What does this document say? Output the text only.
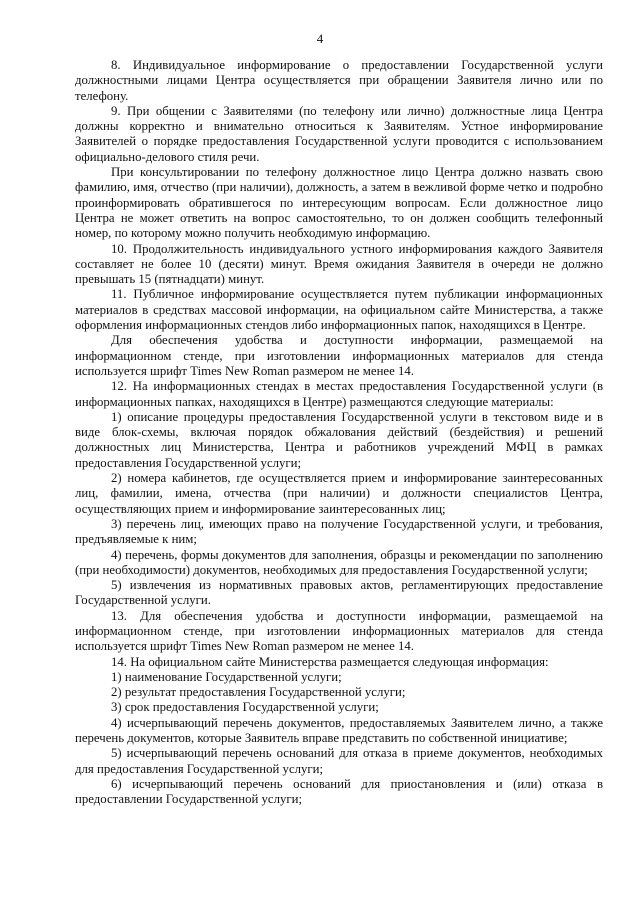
4

8. Индивидуальное информирование о предоставлении Государственной услуги должностными лицами Центра осуществляется при обращении Заявителя лично или по телефону.

9. При общении с Заявителями (по телефону или лично) должностные лица Центра должны корректно и внимательно относиться к Заявителям. Устное информирование Заявителей о порядке предоставления Государственной услуги проводится с использованием официально-делового стиля речи.

При консультировании по телефону должностное лицо Центра должно назвать свою фамилию, имя, отчество (при наличии), должность, а затем в вежливой форме четко и подробно проинформировать обратившегося по интересующим вопросам. Если должностное лицо Центра не может ответить на вопрос самостоятельно, то он должен сообщить телефонный номер, по которому можно получить необходимую информацию.

10. Продолжительность индивидуального устного информирования каждого Заявителя составляет не более 10 (десяти) минут. Время ожидания Заявителя в очереди не должно превышать 15 (пятнадцати) минут.

11. Публичное информирование осуществляется путем публикации информационных материалов в средствах массовой информации, на официальном сайте Министерства, а также оформления информационных стендов либо информационных папок, находящихся в Центре.

Для обеспечения удобства и доступности информации, размещаемой на информационном стенде, при изготовлении информационных материалов для стенда используется шрифт Times New Roman размером не менее 14.

12. На информационных стендах в местах предоставления Государственной услуги (в информационных папках, находящихся в Центре) размещаются следующие материалы:

1) описание процедуры предоставления Государственной услуги в текстовом виде и в виде блок-схемы, включая порядок обжалования действий (бездействия) и решений должностных лиц Министерства, Центра и работников учреждений МФЦ в рамках предоставления Государственной услуги;

2) номера кабинетов, где осуществляется прием и информирование заинтересованных лиц, фамилии, имена, отчества (при наличии) и должности специалистов Центра, осуществляющих прием и информирование заинтересованных лиц;

3) перечень лиц, имеющих право на получение Государственной услуги, и требования, предъявляемые к ним;

4) перечень, формы документов для заполнения, образцы и рекомендации по заполнению (при необходимости) документов, необходимых для предоставления Государственной услуги;

5) извлечения из нормативных правовых актов, регламентирующих предоставление Государственной услуги.

13. Для обеспечения удобства и доступности информации, размещаемой на информационном стенде, при изготовлении информационных материалов для стенда используется шрифт Times New Roman размером не менее 14.

14. На официальном сайте Министерства размещается следующая информация:

1) наименование Государственной услуги;

2) результат предоставления Государственной услуги;

3) срок предоставления Государственной услуги;

4) исчерпывающий перечень документов, предоставляемых Заявителем лично, а также перечень документов, которые Заявитель вправе представить по собственной инициативе;

5) исчерпывающий перечень оснований для отказа в приеме документов, необходимых для предоставления Государственной услуги;

6) исчерпывающий перечень оснований для приостановления и (или) отказа в предоставлении Государственной услуги;
